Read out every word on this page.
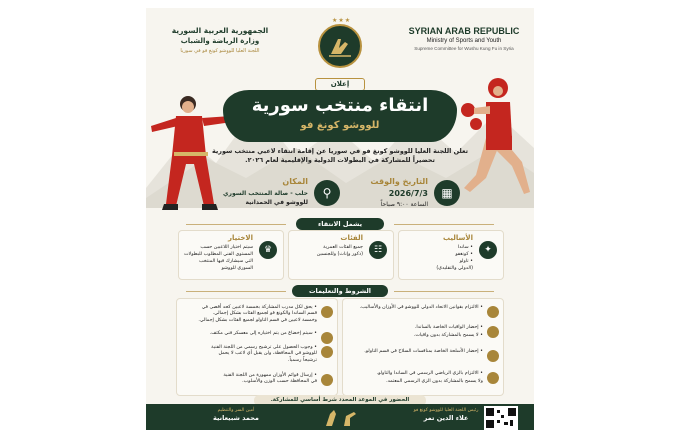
SYRIAN ARAB REPUBLIC
Ministry of Sports and Youth
Supreme Committee for Wushu Kung Fu in Syria
الجمهورية العربية السورية
وزارة الرياضة والشباب
اللجنة العليا للووشو كونغ فو في سوريا
★★★
إعلان
انتقاء منتخب سورية
للووشو كونغ فو
تعلن اللجنة العليا للووشو كونغ فو في سوريا عن إقامة انتقاء لاعبي منتخب سورية
تحضيراً للمشاركة في البطولات الدولية والإقليمية لعام ٢٠٢٦.
▦
التاريخ والوقت
2026/7/3
الساعة ٩:٠٠ صباحاً
⚲
المكان
حلب - صالة المنتخب السوري
للووشو في الحمدانية
يشمل الانتقاء
✦
الأساليب
• ساندا
• كونغفو
• تاولو
(الدولي والتقليدي)
☷
الفئات
جميع الفئات العمرية
(ذكور وإناث) وللجنسين
♛
الاختيار
سيتم اختيار اللاعبين حسب
المستوى الفني المطلوب للبطولات
التي سيشارك فيها المنتخب
السوري للووشو
الشروط والتعليمات
• الالتزام بقوانين الاتحاد الدولي للووشو في الأوزان والأساليب.
• إحضار الواقيات الخاصة بالساندا.
• لا يسمح بالمشاركة بدون واقيات.
• إحضار الأسلحة الخاصة بمنافسات السلاح في قسم التاولو.
• الالتزام بالزي الرياضي الرسمي في الساندا والتاولو.
ولا يسمح بالمشاركة بدون الزي الرسمي المعتمد.
• يحق لكل مدرب المشاركة بخمسة لاعبين كحد أقصى في
قسم الساندا والكونغ فو لجميع الفئات بشكل إجمالي.
وخمسة لاعبين في قسم التاولو لجميع الفئات بشكل إجمالي.
• سيتم إخضاع من يتم اختياره إلى معسكر فني مكثف.
• وجوب الحصول على ترشيح رسمي من اللجنة الفنية
للووشو في المحافظة، ولن يقبل أي لاعب لا يحمل
ترشيحاً رسمياً.
• إرسال قوائم الأوزان ممهورة من اللجنة الفنية
في المحافظة حسب الوزن والأسلوب.
الحضور في الموعد المحدد شرط أساسي للمشاركة.
رئيس اللجنة العليا للووشو كونغ فو
علاء الدين تمر
أمين السر والتنظيم
محمد شبيعانية
